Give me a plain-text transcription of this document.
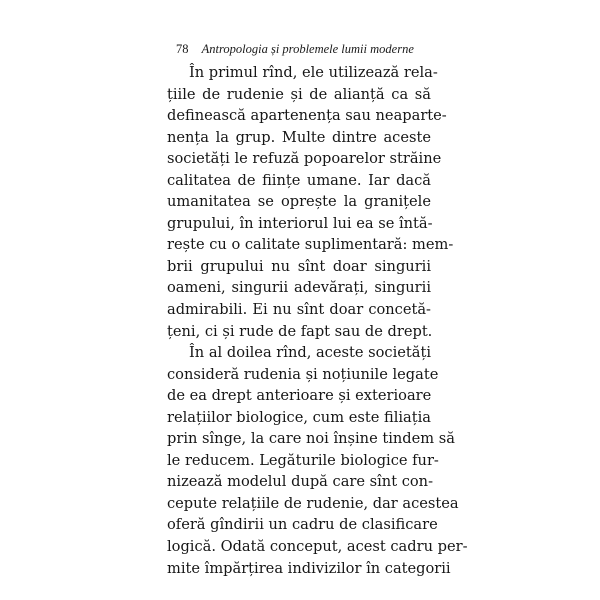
78 Antropologia și problemele lumii moderne
În primul rînd, ele utilizează rela-
țiile de rudenie și de alianță ca să
definească apartenența sau neaparte-
nența la grup. Multe dintre aceste
societăți le refuză popoarelor străine
calitatea de ființe umane. Iar dacă
umanitatea se oprește la granițele
grupului, în interiorul lui ea se întă-
rește cu o calitate suplimentară: mem-
brii grupului nu sînt doar singurii
oameni, singurii adevărați, singurii
admirabili. Ei nu sînt doar concetă-
țeni, ci și rude de fapt sau de drept.
În al doilea rînd, aceste societăți
consideră rudenia și noțiunile legate
de ea drept anterioare și exterioare
relațiilor biologice, cum este filiația
prin sînge, la care noi înșine tindem să
le reducem. Legăturile biologice fur-
nizează modelul după care sînt con-
cepute relațiile de rudenie, dar acestea
oferă gîndirii un cadru de clasificare
logică. Odată conceput, acest cadru per-
mite împărțirea indivizilor în categorii
